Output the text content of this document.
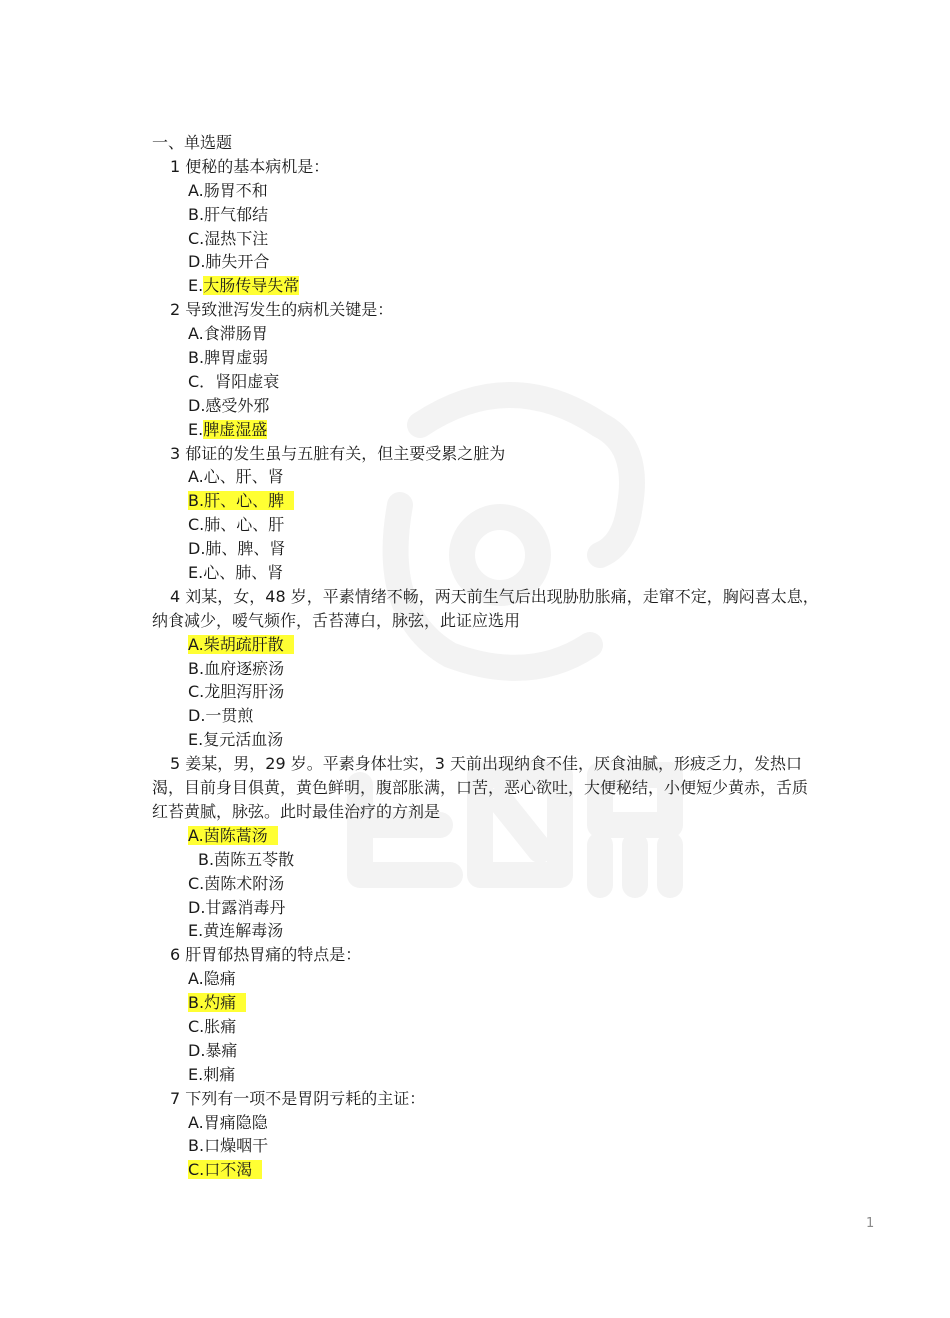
一、单选题
1 便秘的基本病机是：
A.肠胃不和
B.肝气郁结
C.湿热下注
D.肺失开合
E.大肠传导失常
2 导致泄泻发生的病机关键是：
A.食滞肠胃
B.脾胃虚弱
C．肾阳虚衰
D.感受外邪
E.脾虚湿盛
3 郁证的发生虽与五脏有关，但主要受累之脏为
A.心、肝、肾
B.肝、心、脾
C.肺、心、肝
D.肺、脾、肾
E.心、肺、肾
4 刘某，女，48 岁，平素情绪不畅，两天前生气后出现胁肋胀痛，走窜不定，胸闷喜太息，
纳食减少，嗳气频作，舌苔薄白，脉弦，此证应选用
A.柴胡疏肝散
B.血府逐瘀汤
C.龙胆泻肝汤
D.一贯煎
E.复元活血汤
5 姜某，男，29 岁。平素身体壮实，3 天前出现纳食不佳，厌食油腻，形疲乏力，发热口
渴，目前身目俱黄，黄色鲜明，腹部胀满，口苦，恶心欲吐，大便秘结，小便短少黄赤，舌质
红苔黄腻，脉弦。此时最佳治疗的方剂是
A.茵陈蒿汤
B.茵陈五苓散
C.茵陈术附汤
D.甘露消毒丹
E.黄连解毒汤
6 肝胃郁热胃痛的特点是：
A.隐痛
B.灼痛
C.胀痛
D.暴痛
E.刺痛
7 下列有一项不是胃阴亏耗的主证：
A.胃痛隐隐
B.口燥咽干
C.口不渴
1
